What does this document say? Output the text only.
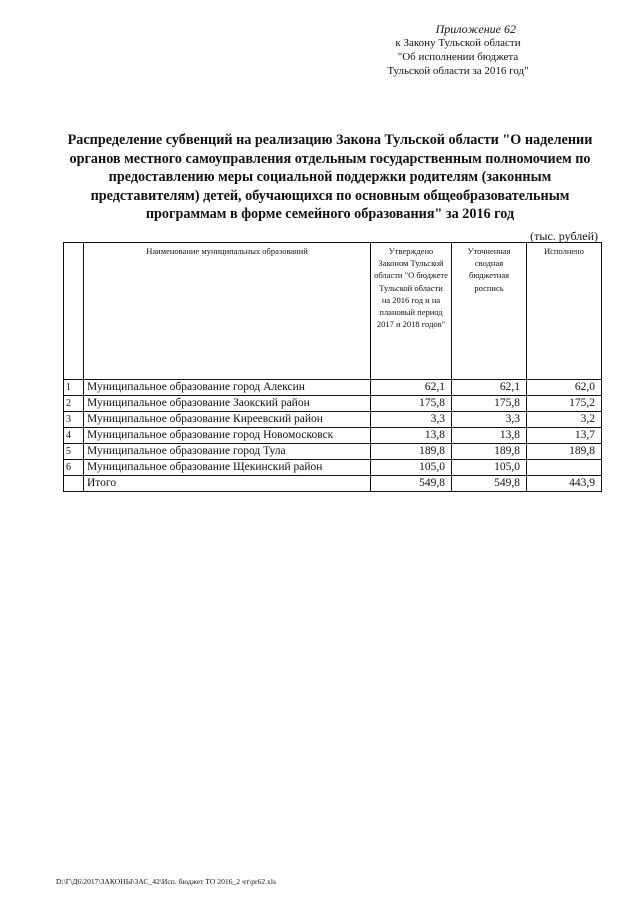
Приложение 62
к Закону Тульской области
"Об исполнении бюджета
Тульской области за 2016 год"
Распределение субвенций на реализацию Закона Тульской области "О наделении
органов местного самоуправления отдельным государственным полномочием по
предоставлению меры социальной поддержки родителям (законным
представителям) детей, обучающихся по основным общеобразовательным
программам в форме семейного образования" за 2016 год
(тыс. рублей)
	Наименование муниципальных образований	Утверждено Законом Тульской области "О бюджете Тульской области на 2016 год и на плановый период 2017 и 2018 годов"	Уточненная сводная бюджетная роспись	Исполнено
1	Муниципальное образование город Алексин	62,1	62,1	62,0
2	Муниципальное образование Заокский район	175,8	175,8	175,2
3	Муниципальное образование Киреевский район	3,3	3,3	3,2
4	Муниципальное образование город Новомосковск	13,8	13,8	13,7
5	Муниципальное образование город Тула	189,8	189,8	189,8
6	Муниципальное образование Щекинский район	105,0	105,0	
	Итого	549,8	549,8	443,9
D:\Г\Д6\2017\ЗАКОНЫ\ЗАС_42\Исп. бюджет ТО 2016_2 чт\pr62.xls
